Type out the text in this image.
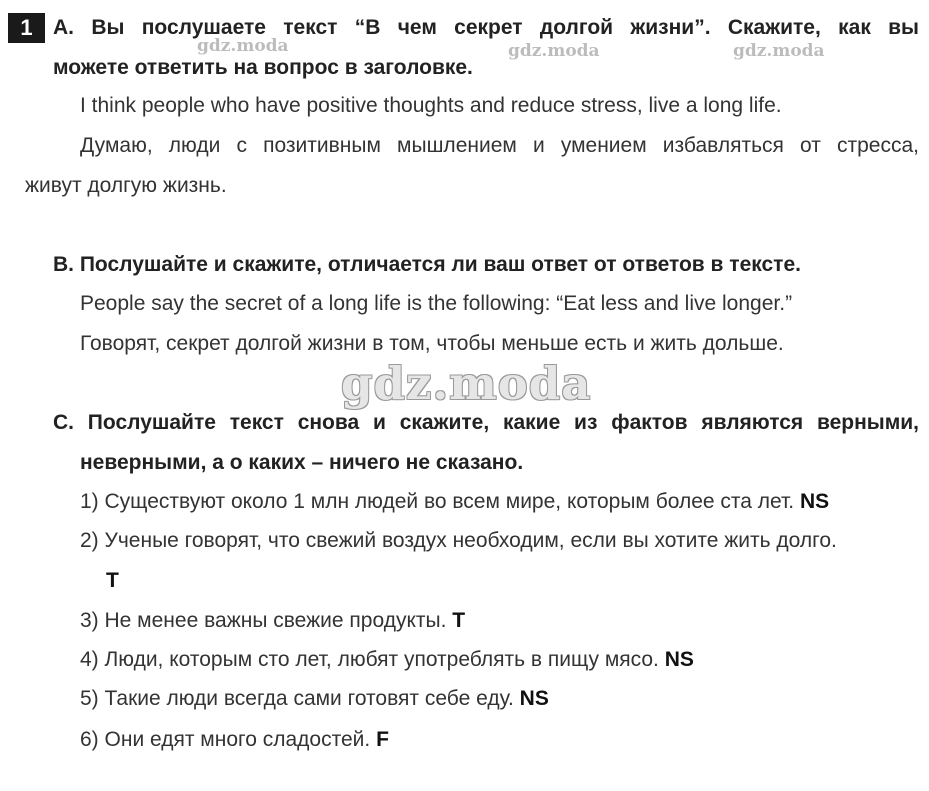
1 A. Вы послушаете текст “В чем секрет долгой жизни”. Скажите, как вы
можете ответить на вопрос в заголовке.
I think people who have positive thoughts and reduce stress, live a long life.
Думаю, люди с позитивным мышлением и умением избавляться от стресса,
живут долгую жизнь.
B. Послушайте и скажите, отличается ли ваш ответ от ответов в тексте.
People say the secret of a long life is the following: “Eat less and live longer.”
Говорят, секрет долгой жизни в том, чтобы меньше есть и жить дольше.
C. Послушайте текст снова и скажите, какие из фактов являются верными,
неверными, а о каких – ничего не сказано.
1) Существуют около 1 млн людей во всем мире, которым более ста лет. NS
2) Ученые говорят, что свежий воздух необходим, если вы хотите жить долго.
T
3) Не менее важны свежие продукты. T
4) Люди, которым сто лет, любят употреблять в пищу мясо. NS
5) Такие люди всегда сами готовят себе еду. NS
6) Они едят много сладостей. F
gdz.moda	gdz.moda	gdz.moda
gdz.moda
